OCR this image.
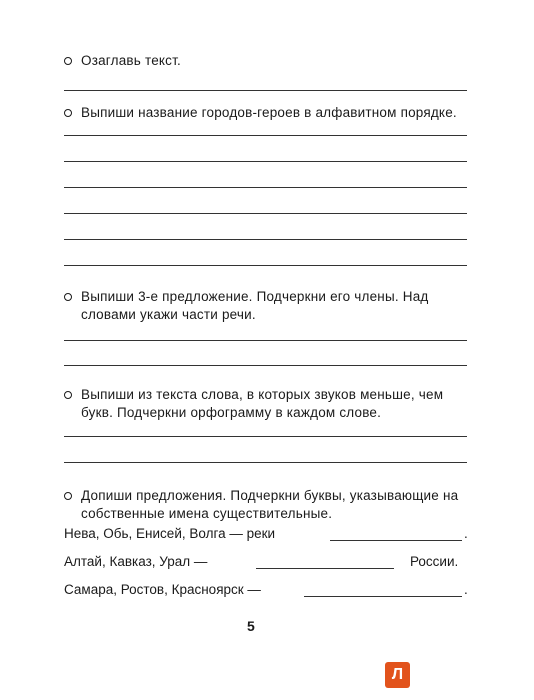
Озаглавь текст.
Выпиши название городов-героев в алфавитном порядке.
Выпиши 3-е предложение. Подчеркни его члены. Над словами укажи части речи.
Выпиши из текста слова, в которых звуков меньше, чем букв. Подчеркни орфограмму в каждом слове.
Допиши предложения. Подчеркни буквы, указывающие на собственные имена существительные.
Нева, Обь, Енисей, Волга — реки	.
Алтай, Кавказ, Урал —	России.
Самара, Ростов, Красноярск —	.
5
Л
